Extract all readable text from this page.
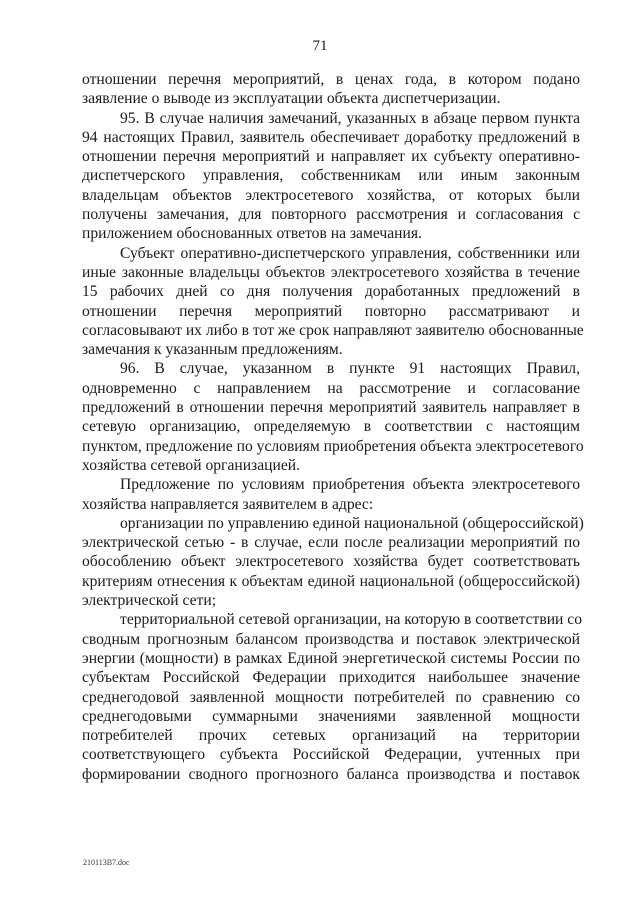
71
отношении перечня мероприятий, в ценах года, в котором подано
заявление о выводе из эксплуатации объекта диспетчеризации.
95. В случае наличия замечаний, указанных в абзаце первом пункта
94 настоящих Правил, заявитель обеспечивает доработку предложений в
отношении перечня мероприятий и направляет их субъекту оперативно-
диспетчерского управления, собственникам или иным законным
владельцам объектов электросетевого хозяйства, от которых были
получены замечания, для повторного рассмотрения и согласования с
приложением обоснованных ответов на замечания.
Субъект оперативно-диспетчерского управления, собственники или
иные законные владельцы объектов электросетевого хозяйства в течение
15 рабочих дней со дня получения доработанных предложений в
отношении перечня мероприятий повторно рассматривают и
согласовывают их либо в тот же срок направляют заявителю обоснованные
замечания к указанным предложениям.
96. В случае, указанном в пункте 91 настоящих Правил,
одновременно с направлением на рассмотрение и согласование
предложений в отношении перечня мероприятий заявитель направляет в
сетевую организацию, определяемую в соответствии с настоящим
пунктом, предложение по условиям приобретения объекта электросетевого
хозяйства сетевой организацией.
Предложение по условиям приобретения объекта электросетевого
хозяйства направляется заявителем в адрес:
организации по управлению единой национальной (общероссийской)
электрической сетью - в случае, если после реализации мероприятий по
обособлению объект электросетевого хозяйства будет соответствовать
критериям отнесения к объектам единой национальной (общероссийской)
электрической сети;
территориальной сетевой организации, на которую в соответствии со
сводным прогнозным балансом производства и поставок электрической
энергии (мощности) в рамках Единой энергетической системы России по
субъектам Российской Федерации приходится наибольшее значение
среднегодовой заявленной мощности потребителей по сравнению со
среднегодовыми суммарными значениями заявленной мощности
потребителей прочих сетевых организаций на территории
соответствующего субъекта Российской Федерации, учтенных при
формировании сводного прогнозного баланса производства и поставок
210113B7.doc
